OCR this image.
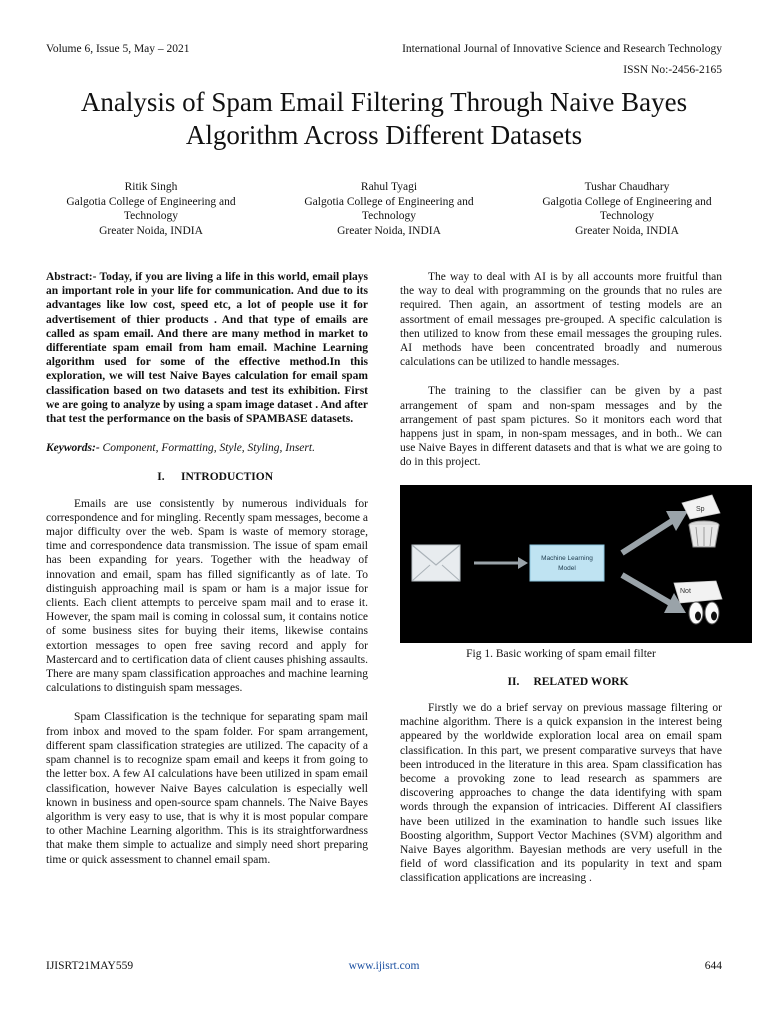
Volume 6, Issue 5, May – 2021	International Journal of Innovative Science and Research Technology
ISSN No:-2456-2165
Analysis of Spam Email Filtering Through Naive Bayes Algorithm Across Different Datasets
Ritik Singh
Galgotia College of Engineering and Technology
Greater Noida, INDIA
Rahul Tyagi
Galgotia College of Engineering and Technology
Greater Noida, INDIA
Tushar Chaudhary
Galgotia College of Engineering and Technology
Greater Noida, INDIA

Abstract:- Today, if you are living a life in this world, email plays an important role in your life for communication. And due to its advantages like low cost, speed etc, a lot of people use it for advertisement of thier products . And that type of emails are called as spam email. And there are many method in market to differentiate spam email from ham email. Machine Learning algorithm used for some of the effective method.In this exploration, we will test Naive Bayes calculation for email spam classification based on two datasets and test its exhibition. First we are going to analyze by using a spam image dataset . And after that test the performance on the basis of SPAMBASE datasets.

Keywords:- Component, Formatting, Style, Styling, Insert.

I. INTRODUCTION

Emails are use consistently by numerous individuals for correspondence and for mingling. Recently spam messages, become a major difficulty over the web. Spam is waste of memory storage, time and correspondence data transmission. The issue of spam email has been expanding for years. Together with the headway of innovation and email, spam has filled significantly as of late. To distinguish approaching mail is spam or ham is a major issue for clients. Each client attempts to perceive spam mail and to erase it. However, the spam mail is coming in colossal sum, it contains notice of some business sites for buying their items, likewise contains extortion messages to open free saving record and apply for Mastercard and to certification data of client causes phishing assaults. There are many spam classification approaches and machine learning calculations to distinguish spam messages.

Spam Classification is the technique for separating spam mail from inbox and moved to the spam folder. For spam arrangement, different spam classification strategies are utilized. The capacity of a spam channel is to recognize spam email and keeps it from going to the letter box. A few AI calculations have been utilized in spam email classification, however Naive Bayes calculation is especially well known in business and open-source spam channels. The Naive Bayes algorithm is very easy to use, that is why it is most popular compare to other Machine Learning algorithm. This is its straightforwardness that make them simple to actualize and simply need short preparing time or quick assessment to channel email spam.

The way to deal with AI is by all accounts more fruitful than the way to deal with programming on the grounds that no rules are required. Then again, an assortment of testing models are an assortment of email messages pre-grouped. A specific calculation is then utilized to know from these email messages the grouping rules. AI methods have been concentrated broadly and numerous calculations can be utilized to handle messages.

The training to the classifier can be given by a past arrangement of spam and non-spam messages and by the arrangement of past spam pictures. So it monitors each word that happens just in spam, in non-spam messages, and in both.. We can use Naive Bayes in different datasets and that is what we are going to do in this project.

Machine Learning
Model
Sp
Not
Fig 1. Basic working of spam email filter
II. RELATED WORK

Firstly we do a brief servay on previous massage filtering or machine algorithm. There is a quick expansion in the interest being appeared by the worldwide exploration local area on email spam classification. In this part, we present comparative surveys that have been introduced in the literature in this area. Spam classification has become a provoking zone to lead research as spammers are discovering approaches to change the data identifying with spam words through the expansion of intricacies. Different AI classifiers have been utilized in the examination to handle such issues like Boosting algorithm, Support Vector Machines (SVM) algorithm and Naive Bayes algorithm. Bayesian methods are very usefull in the field of word classification and its popularity in text and spam classification applications are increasing .

IJISRT21MAY559	www.ijisrt.com	644
